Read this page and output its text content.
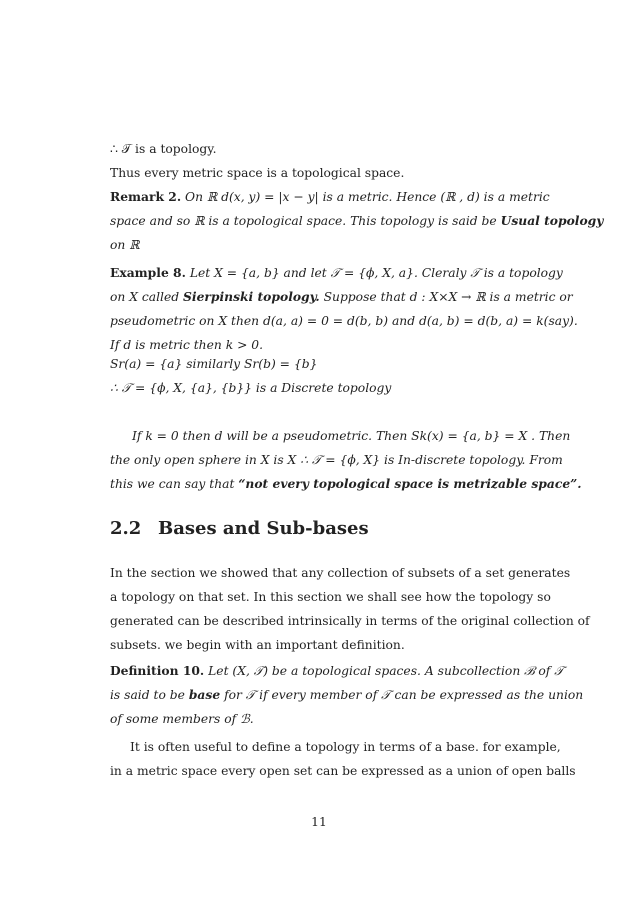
∴ 𝒯 is a topology.
Thus every metric space is a topological space.
Remark 2. On ℝ d(x, y) = |x − y| is a metric. Hence (ℝ , d) is a metric
space and so ℝ is a topological space. This topology is said be Usual topology
on ℝ
Example 8. Let X = {a, b} and let 𝒯 = {ϕ, X, a}. Cleraly 𝒯 is a topology
on X called Sierpinski topology. Suppose that d : X×X → ℝ is a metric or
pseudometric on X then d(a, a) = 0 = d(b, b) and d(a, b) = d(b, a) = k(say).
If d is metric then k > 0.
Sr(a) = {a} similarly Sr(b) = {b}
∴ 𝒯 = {ϕ, X, {a}, {b}} is a Discrete topology
If k = 0 then d will be a pseudometric. Then Sk(x) = {a, b} = X . Then
the only open sphere in X is X ∴ 𝒯 = {ϕ, X} is In-discrete topology. From
this we can say that “not every topological space is metrizable space”.
2.2 Bases and Sub-bases
In the section we showed that any collection of subsets of a set generates
a topology on that set. In this section we shall see how the topology so
generated can be described intrinsically in terms of the original collection of
subsets. we begin with an important definition.
Definition 10. Let (X, 𝒯) be a topological spaces. A subcollection ℬ of 𝒯
is said to be base for 𝒯 if every member of 𝒯 can be expressed as the union
of some members of ℬ.
It is often useful to define a topology in terms of a base. for example,
in a metric space every open set can be expressed as a union of open balls
11
